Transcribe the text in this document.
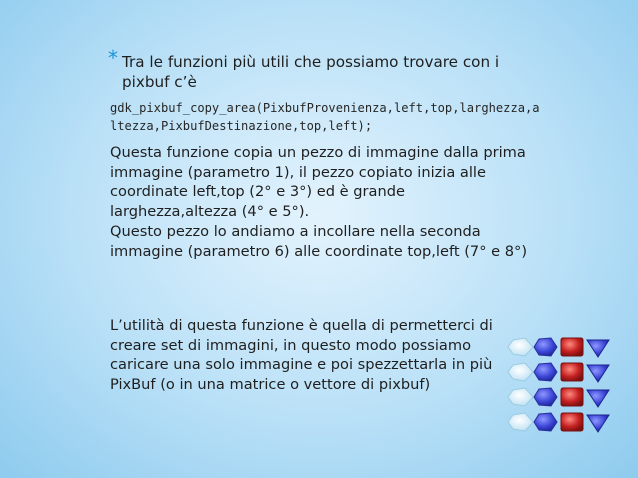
* Tra le funzioni più utili che possiamo trovare con i pixbuf c’è
gdk_pixbuf_copy_area(PixbufProvenienza,left,top,larghezza,altezza,PixbufDestinazione,top,left);
Questa funzione copia un pezzo di immagine dalla prima immagine (parametro 1), il pezzo copiato inizia alle coordinate left,top (2° e 3°) ed è grande larghezza,altezza (4° e 5°).
Questo pezzo lo andiamo a incollare nella seconda immagine (parametro 6) alle coordinate top,left (7° e 8°)
L’utilità di questa funzione è quella di permetterci di creare set di immagini, in questo modo possiamo caricare una solo immagine e poi spezzettarla in più PixBuf (o in una matrice o vettore di pixbuf)
